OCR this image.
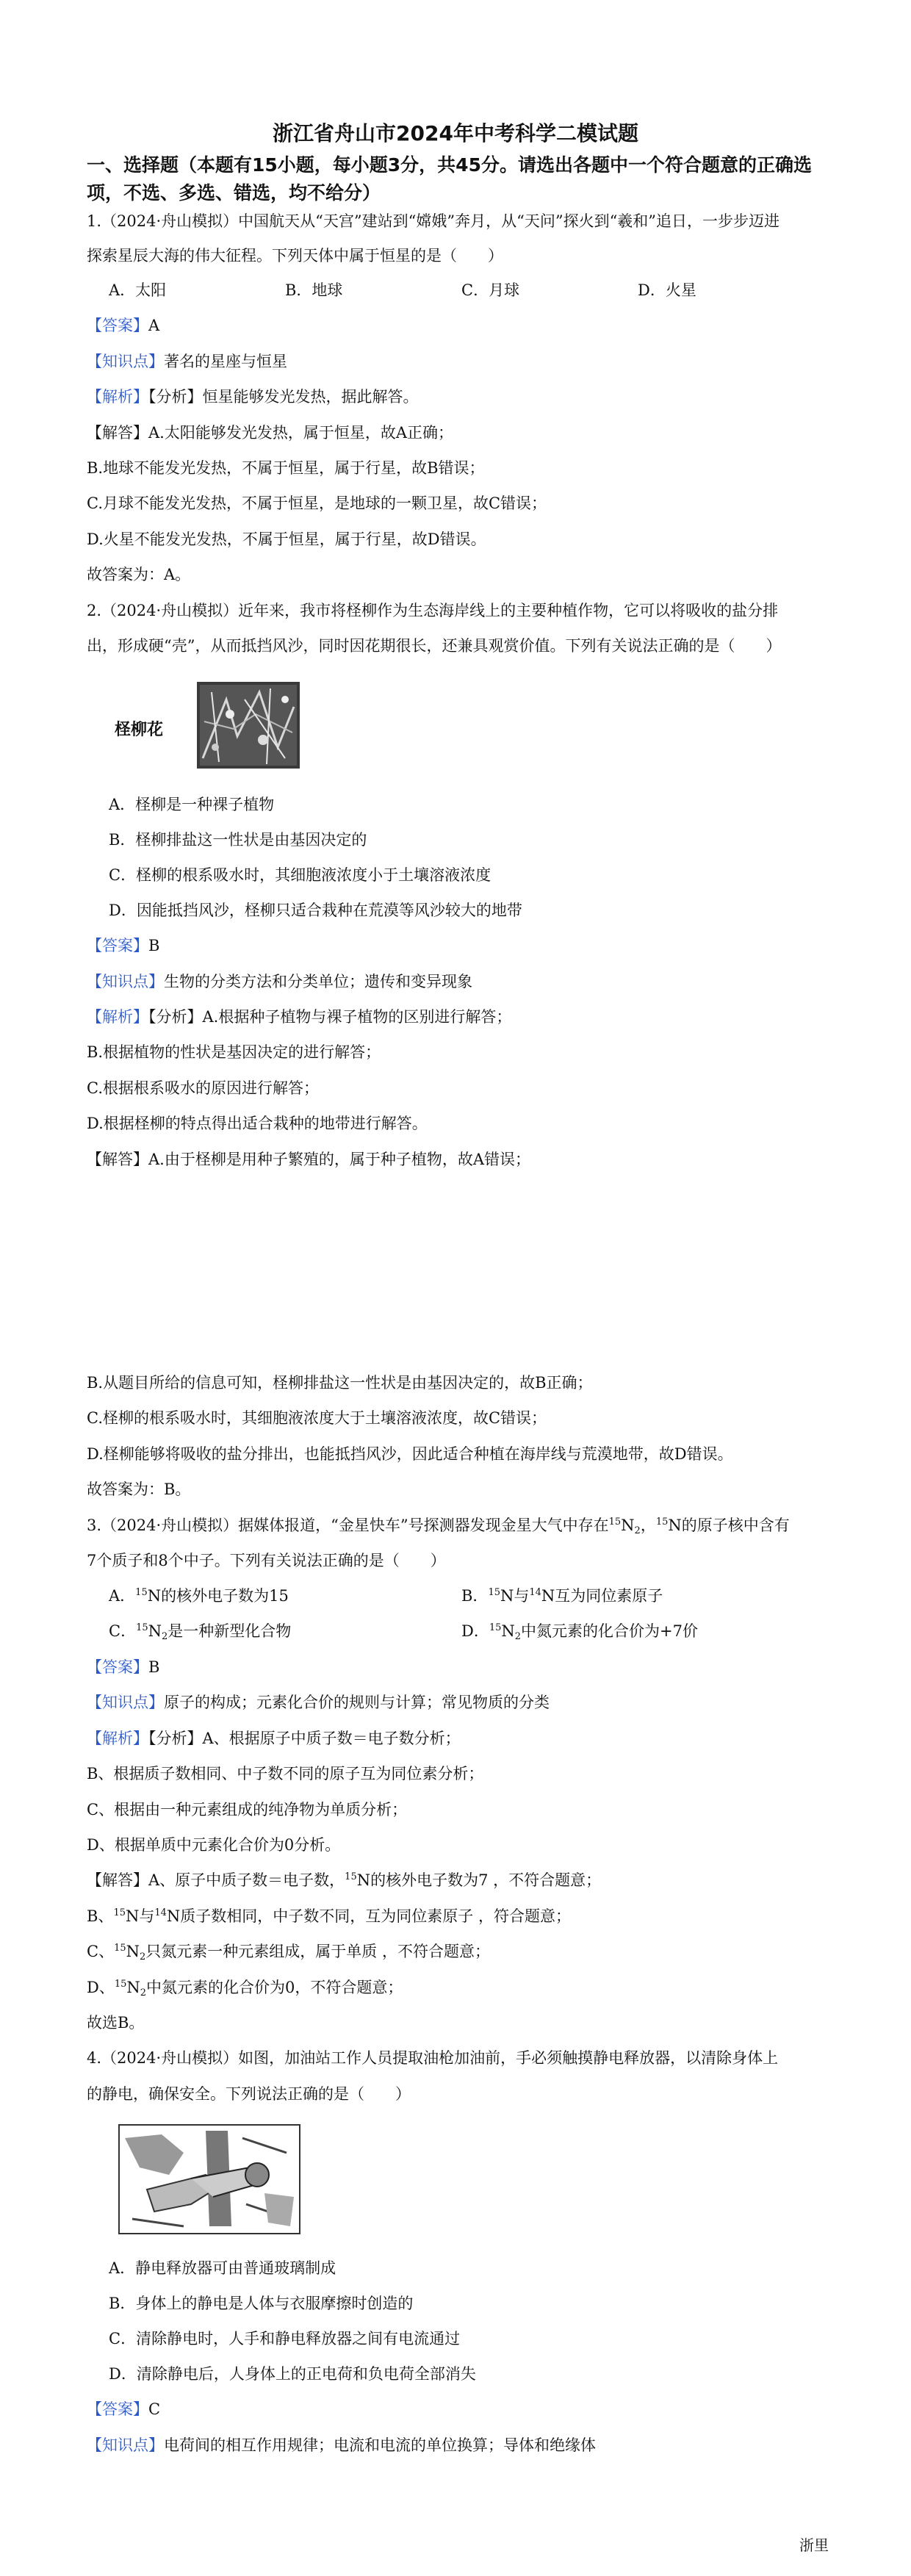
浙江省舟山市2024年中考科学二模试题
一、选择题（本题有15小题，每小题3分，共45分。请选出各题中一个符合题意的正确选项，不选、多选、错选，均不给分）
1.（2024·舟山模拟）中国航天从“天宫”建站到“嫦娥”奔月，从“天问”探火到“羲和”追日，一步步迈进
探索星辰大海的伟大征程。下列天体中属于恒星的是（　　）
A．太阳	B．地球	C．月球	D．火星
【答案】A
【知识点】著名的星座与恒星
【解析】【分析】恒星能够发光发热，据此解答。
【解答】A.太阳能够发光发热，属于恒星，故A正确；
B.地球不能发光发热，不属于恒星，属于行星，故B错误；
C.月球不能发光发热，不属于恒星，是地球的一颗卫星，故C错误；
D.火星不能发光发热，不属于恒星，属于行星，故D错误。
故答案为：A。
2.（2024·舟山模拟）近年来，我市将柽柳作为生态海岸线上的主要种植作物，它可以将吸收的盐分排
出，形成硬“壳”，从而抵挡风沙，同时因花期很长，还兼具观赏价值。下列有关说法正确的是（　　）
柽柳花
A．柽柳是一种裸子植物
B．柽柳排盐这一性状是由基因决定的
C．柽柳的根系吸水时，其细胞液浓度小于土壤溶液浓度
D．因能抵挡风沙，柽柳只适合栽种在荒漠等风沙较大的地带
【答案】B
【知识点】生物的分类方法和分类单位；遗传和变异现象
【解析】【分析】A.根据种子植物与裸子植物的区别进行解答；
B.根据植物的性状是基因决定的进行解答；
C.根据根系吸水的原因进行解答；
D.根据柽柳的特点得出适合栽种的地带进行解答。
【解答】A.由于柽柳是用种子繁殖的，属于种子植物，故A错误；
B.从题目所给的信息可知，柽柳排盐这一性状是由基因决定的，故B正确；
C.柽柳的根系吸水时，其细胞液浓度大于土壤溶液浓度，故C错误；
D.柽柳能够将吸收的盐分排出，也能抵挡风沙，因此适合种植在海岸线与荒漠地带，故D错误。
故答案为：B。
3.（2024·舟山模拟）据媒体报道，“金星快车”号探测器发现金星大气中存在$^{15}N_2$，$^{15}$N的原子核中含有
7个质子和8个中子。下列有关说法正确的是（　　）
A．$^{15}$N的核外电子数为15	B．$^{15}$N与$^{14}$N互为同位素原子
C．$^{15}N_2$是一种新型化合物	D．$^{15}N_2$中氮元素的化合价为+7价
【答案】B
【知识点】原子的构成；元素化合价的规则与计算；常见物质的分类
【解析】【分析】A、根据原子中质子数＝电子数分析；
B、根据质子数相同、中子数不同的原子互为同位素分析；
C、根据由一种元素组成的纯净物为单质分析；
D、根据单质中元素化合价为0分析。
【解答】A、原子中质子数＝电子数，$^{15}$N的核外电子数为7 ，不符合题意；
B、$^{15}$N与$^{14}$N质子数相同，中子数不同，互为同位素原子 ，符合题意；
C、$^{15}N_2$只氮元素一种元素组成，属于单质 ，不符合题意；
D、$^{15}N_2$中氮元素的化合价为0，不符合题意；
故选B。
4.（2024·舟山模拟）如图，加油站工作人员提取油枪加油前，手必须触摸静电释放器，以清除身体上
的静电，确保安全。下列说法正确的是（　　）
A．静电释放器可由普通玻璃制成
B．身体上的静电是人体与衣服摩擦时创造的
C．清除静电时，人手和静电释放器之间有电流通过
D．清除静电后，人身体上的正电荷和负电荷全部消失
【答案】C
【知识点】电荷间的相互作用规律；电流和电流的单位换算；导体和绝缘体
浙里
